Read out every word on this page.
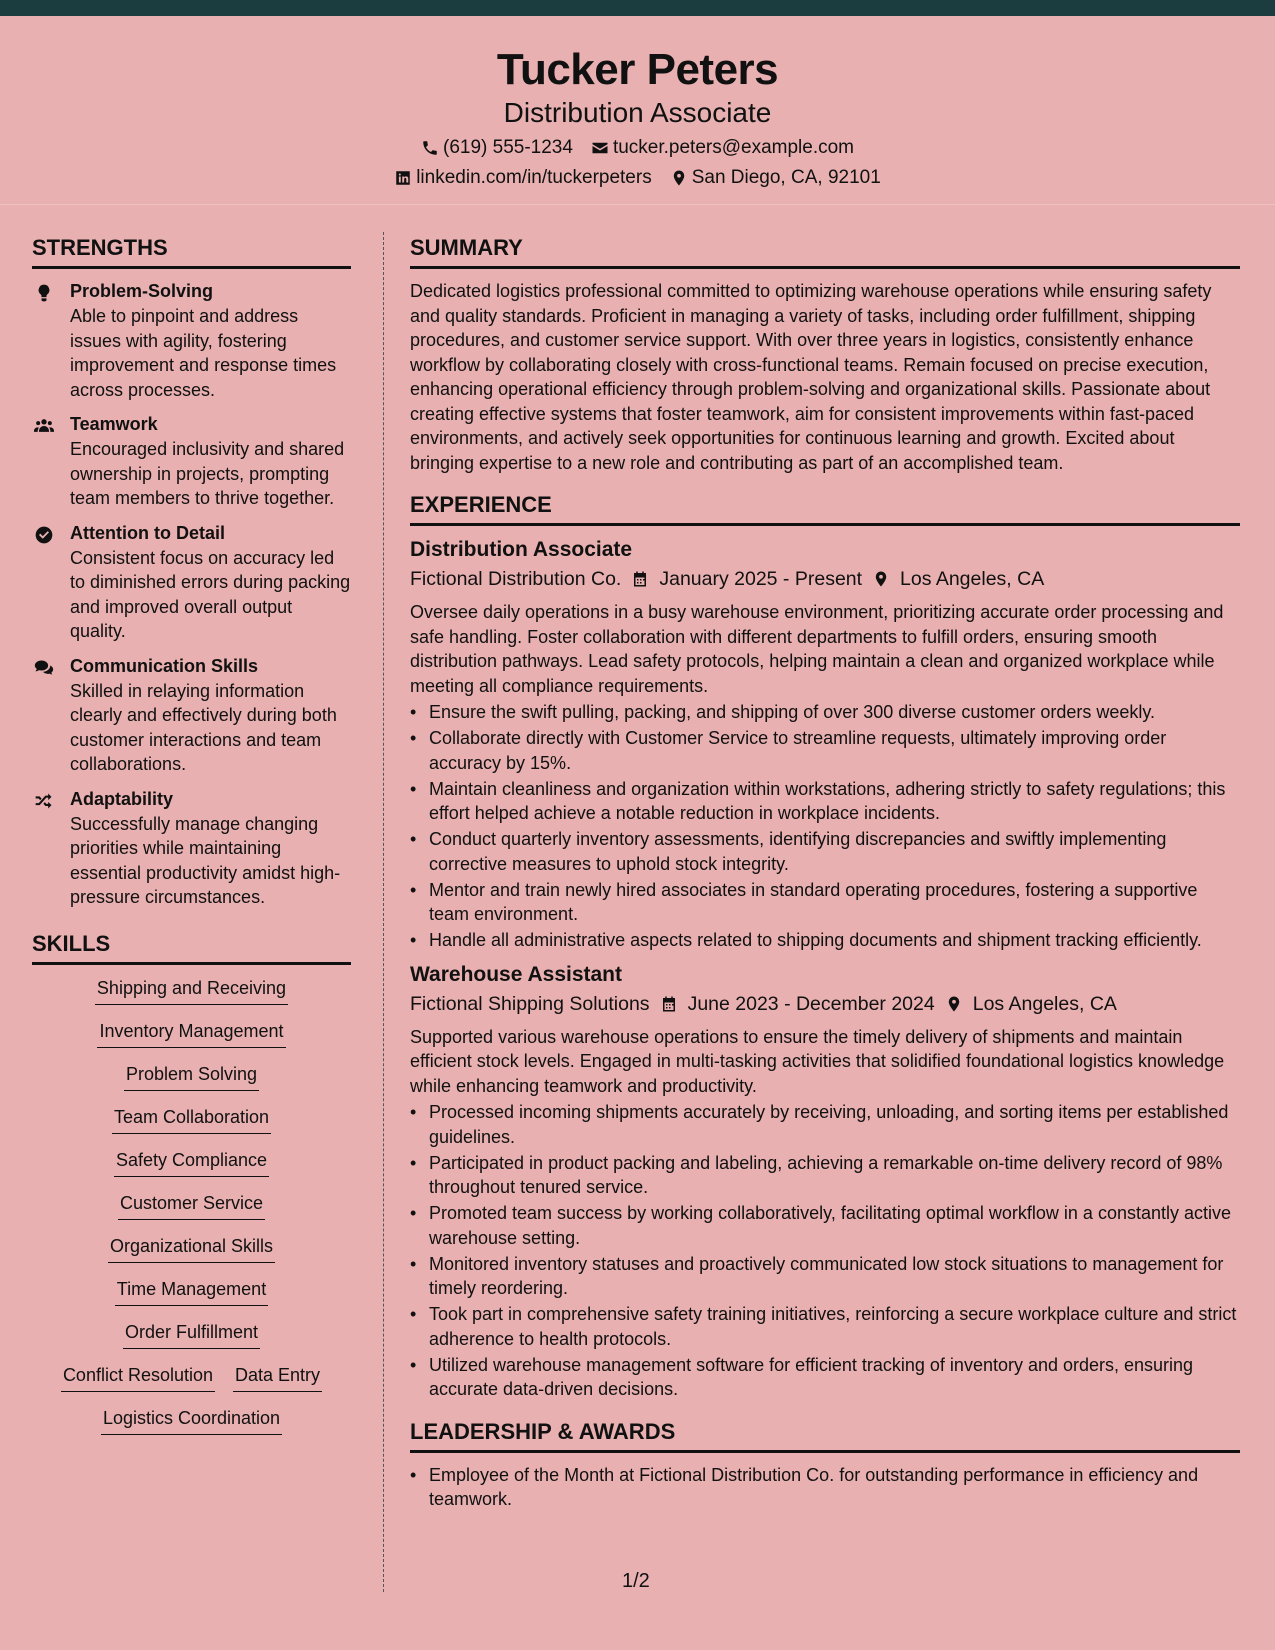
Tucker Peters
Distribution Associate
(619) 555-1234 tucker.peters@example.com
linkedin.com/in/tuckerpeters San Diego, CA, 92101
STRENGTHS
Problem-Solving
Able to pinpoint and address issues with agility, fostering improvement and response times across processes.
Teamwork
Encouraged inclusivity and shared ownership in projects, prompting team members to thrive together.
Attention to Detail
Consistent focus on accuracy led to diminished errors during packing and improved overall output quality.
Communication Skills
Skilled in relaying information clearly and effectively during both customer interactions and team collaborations.
Adaptability
Successfully manage changing priorities while maintaining essential productivity amidst high-pressure circumstances.
SKILLS
Shipping and Receiving
Inventory Management
Problem Solving
Team Collaboration
Safety Compliance
Customer Service
Organizational Skills
Time Management
Order Fulfillment
Conflict Resolution Data Entry
Logistics Coordination
SUMMARY
Dedicated logistics professional committed to optimizing warehouse operations while ensuring safety and quality standards. Proficient in managing a variety of tasks, including order fulfillment, shipping procedures, and customer service support. With over three years in logistics, consistently enhance workflow by collaborating closely with cross-functional teams. Remain focused on precise execution, enhancing operational efficiency through problem-solving and organizational skills. Passionate about creating effective systems that foster teamwork, aim for consistent improvements within fast-paced environments, and actively seek opportunities for continuous learning and growth. Excited about bringing expertise to a new role and contributing as part of an accomplished team.
EXPERIENCE
Distribution Associate
Fictional Distribution Co. January 2025 - Present Los Angeles, CA
Oversee daily operations in a busy warehouse environment, prioritizing accurate order processing and safe handling. Foster collaboration with different departments to fulfill orders, ensuring smooth distribution pathways. Lead safety protocols, helping maintain a clean and organized workplace while meeting all compliance requirements.
• Ensure the swift pulling, packing, and shipping of over 300 diverse customer orders weekly.
• Collaborate directly with Customer Service to streamline requests, ultimately improving order accuracy by 15%.
• Maintain cleanliness and organization within workstations, adhering strictly to safety regulations; this effort helped achieve a notable reduction in workplace incidents.
• Conduct quarterly inventory assessments, identifying discrepancies and swiftly implementing corrective measures to uphold stock integrity.
• Mentor and train newly hired associates in standard operating procedures, fostering a supportive team environment.
• Handle all administrative aspects related to shipping documents and shipment tracking efficiently.
Warehouse Assistant
Fictional Shipping Solutions June 2023 - December 2024 Los Angeles, CA
Supported various warehouse operations to ensure the timely delivery of shipments and maintain efficient stock levels. Engaged in multi-tasking activities that solidified foundational logistics knowledge while enhancing teamwork and productivity.
• Processed incoming shipments accurately by receiving, unloading, and sorting items per established guidelines.
• Participated in product packing and labeling, achieving a remarkable on-time delivery record of 98% throughout tenured service.
• Promoted team success by working collaboratively, facilitating optimal workflow in a constantly active warehouse setting.
• Monitored inventory statuses and proactively communicated low stock situations to management for timely reordering.
• Took part in comprehensive safety training initiatives, reinforcing a secure workplace culture and strict adherence to health protocols.
• Utilized warehouse management software for efficient tracking of inventory and orders, ensuring accurate data-driven decisions.
LEADERSHIP & AWARDS
• Employee of the Month at Fictional Distribution Co. for outstanding performance in efficiency and teamwork.
1/2
